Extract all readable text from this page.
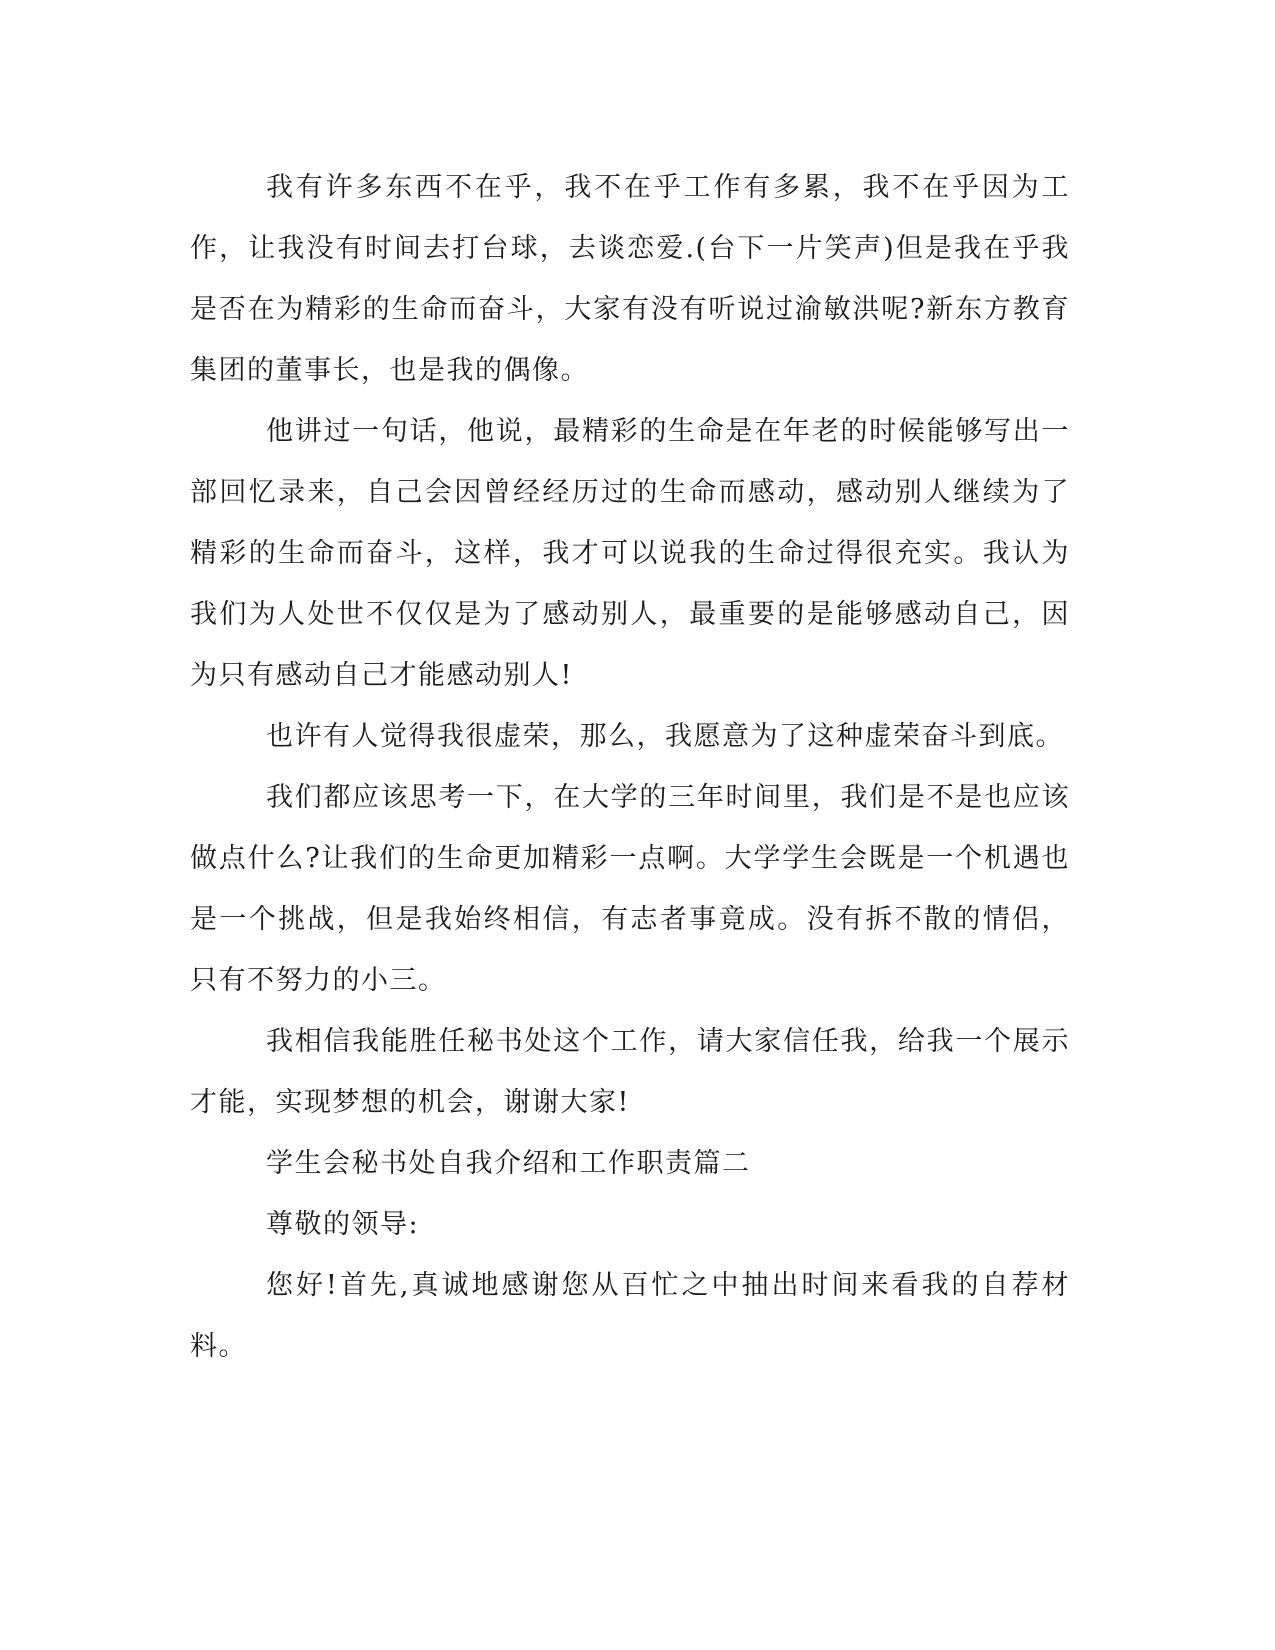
我有许多东西不在乎，我不在乎工作有多累，我不在乎因为工作，让我没有时间去打台球，去谈恋爱.(台下一片笑声)但是我在乎我是否在为精彩的生命而奋斗，大家有没有听说过渝敏洪呢?新东方教育集团的董事长，也是我的偶像。

他讲过一句话，他说，最精彩的生命是在年老的时候能够写出一部回忆录来，自己会因曾经经历过的生命而感动，感动别人继续为了精彩的生命而奋斗，这样，我才可以说我的生命过得很充实。我认为我们为人处世不仅仅是为了感动别人，最重要的是能够感动自己，因为只有感动自己才能感动别人!

也许有人觉得我很虚荣，那么，我愿意为了这种虚荣奋斗到底。

我们都应该思考一下，在大学的三年时间里，我们是不是也应该做点什么?让我们的生命更加精彩一点啊。大学学生会既是一个机遇也是一个挑战，但是我始终相信，有志者事竟成。没有拆不散的情侣，只有不努力的小三。

我相信我能胜任秘书处这个工作，请大家信任我，给我一个展示才能，实现梦想的机会，谢谢大家!

学生会秘书处自我介绍和工作职责篇二

尊敬的领导:

您好!首先,真诚地感谢您从百忙之中抽出时间来看我的自荐材料。
